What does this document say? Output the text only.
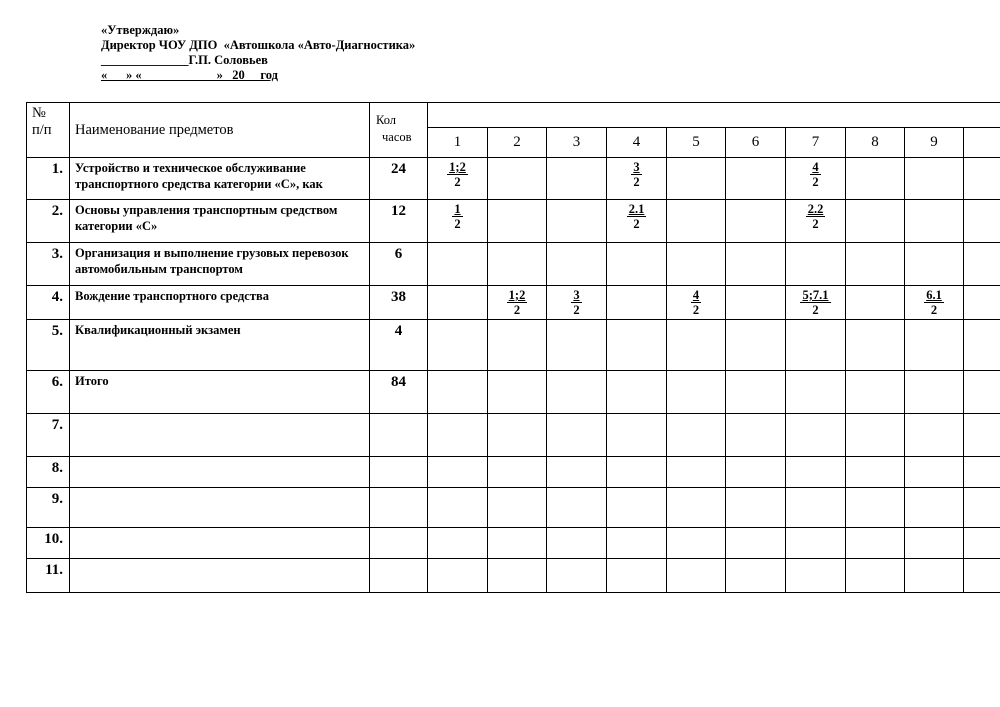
«Утверждаю»
Директор ЧОУ ДПО  «Автошкола «Авто-Диагностика»
______________Г.П. Соловьев
«___» «____________»   20__ год
№
п/п	Наименование предметов	Кол
часов										

			1	2	3	4	5	6	7	8	9	
1.	Устройство и техническое обслуживание транспортного средства категории «С», как	24	$\frac{1;2}{2}$			$\frac{3}{2}$			$\frac{4}{2}$

2.	Основы управления транспортным средством категории «С»	12	$\frac{1}{2}$			$\frac{2.1}{2}$			$\frac{2.2}{2}$

3.	Организация и выполнение грузовых перевозок автомобильным транспортом	6										
4.	Вождение транспортного средства	38		$\frac{1;2}{2}$	$\frac{3}{2}$		$\frac{4}{2}$		$\frac{5;7.1}{2}$		$\frac{6.1}{2}$

5.	Квалификационный экзамен	4										
6.	Итого	84										
7.												
8.												
9.												
10.												
11.												
